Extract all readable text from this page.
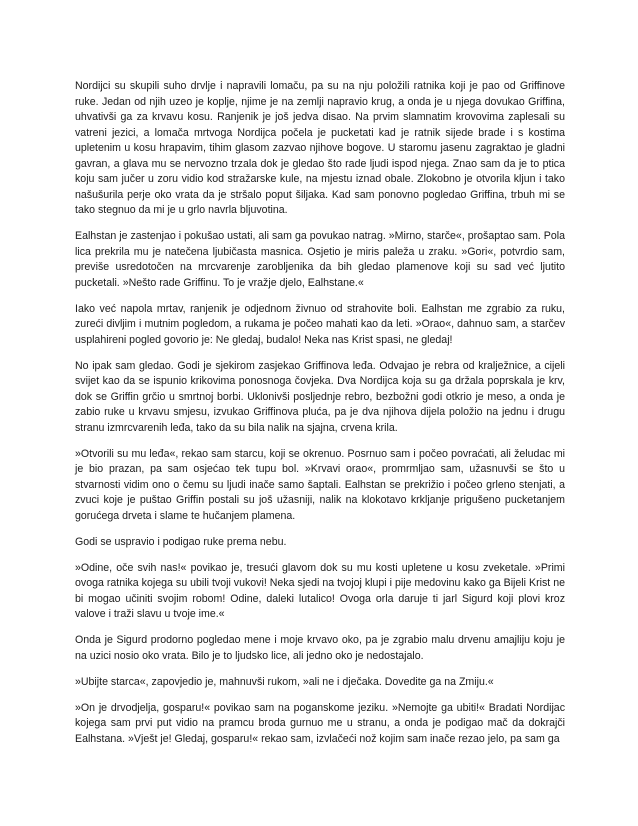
Nordijci su skupili suho drvlje i napravili lomaču, pa su na nju položili ratnika koji je pao od Griffinove ruke. Jedan od njih uzeo je koplje, njime je na zemlji napravio krug, a onda je u njega dovukao Griffina, uhvativši ga za krvavu kosu. Ranjenik je još jedva disao. Na prvim slamnatim krovovima zaplesali su vatreni jezici, a lomača mrtvoga Nordijca počela je pucketati kad je ratnik sijede brade i s kostima upletenim u kosu hrapavim, tihim glasom zazvao njihove bogove. U staromu jasenu zagraktao je gladni gavran, a glava mu se nervozno trzala dok je gledao što rade ljudi ispod njega. Znao sam da je to ptica koju sam jučer u zoru vidio kod stražarske kule, na mjestu iznad obale. Zlokobno je otvorila kljun i tako našušurila perje oko vrata da je stršalo poput šiljaka. Kad sam ponovno pogledao Griffina, trbuh mi se tako stegnuo da mi je u grlo navrla bljuvotina.

Ealhstan je zastenjao i pokušao ustati, ali sam ga povukao natrag. »Mirno, starče«, prošaptao sam. Pola lica prekrila mu je natečena ljubičasta masnica. Osjetio je miris paleža u zraku. »Gori«, potvrdio sam, previše usredotočen na mrcvarenje zarobljenika da bih gledao plamenove koji su sad već ljutito pucketali. »Nešto rade Griffinu. To je vražje djelo, Ealhstane.«

Iako već napola mrtav, ranjenik je odjednom živnuo od strahovite boli. Ealhstan me zgrabio za ruku, zureći divljim i mutnim pogledom, a rukama je počeo mahati kao da leti. »Orao«, dahnuo sam, a starčev usplahireni pogled govorio je: Ne gledaj, budalo! Neka nas Krist spasi, ne gledaj!

No ipak sam gledao. Godi je sjekirom zasjekao Griffinova leđa. Odvajao je rebra od kralježnice, a cijeli svijet kao da se ispunio krikovima ponosnoga čovjeka. Dva Nordijca koja su ga držala poprskala je krv, dok se Griffin grčio u smrtnoj borbi. Uklonivši posljednje rebro, bezbožni godi otkrio je meso, a onda je zabio ruke u krvavu smjesu, izvukao Griffinova pluća, pa je dva njihova dijela položio na jednu i drugu stranu izmrcvarenih leđa, tako da su bila nalik na sjajna, crvena krila.

»Otvorili su mu leđa«, rekao sam starcu, koji se okrenuo. Posrnuo sam i počeo povraćati, ali želudac mi je bio prazan, pa sam osjećao tek tupu bol. »Krvavi orao«, promrmljao sam, užasnuvši se što u stvarnosti vidim ono o čemu su ljudi inače samo šaptali. Ealhstan se prekrižio i počeo grleno stenjati, a zvuci koje je puštao Griffin postali su još užasniji, nalik na klokotavo krkljanje prigušeno pucketanjem gorućega drveta i slame te hučanjem plamena.

Godi se uspravio i podigao ruke prema nebu.

»Odine, oče svih nas!« povikao je, tresući glavom dok su mu kosti upletene u kosu zveketale. »Primi ovoga ratnika kojega su ubili tvoji vukovi! Neka sjedi na tvojoj klupi i pije medovinu kako ga Bijeli Krist ne bi mogao učiniti svojim robom! Odine, daleki lutalico! Ovoga orla daruje ti jarl Sigurd koji plovi kroz valove i traži slavu u tvoje ime.«

Onda je Sigurd prodorno pogledao mene i moje krvavo oko, pa je zgrabio malu drvenu amajliju koju je na uzici nosio oko vrata. Bilo je to ljudsko lice, ali jedno oko je nedostajalo.

»Ubijte starca«, zapovjedio je, mahnuvši rukom, »ali ne i dječaka. Dovedite ga na Zmiju.«

»On je drvodjelja, gosparu!« povikao sam na poganskome jeziku. »Nemojte ga ubiti!« Bradati Nordijac kojega sam prvi put vidio na pramcu broda gurnuo me u stranu, a onda je podigao mač da dokrajči Ealhstana. »Vješt je! Gledaj, gosparu!« rekao sam, izvlačeći nož kojim sam inače rezao jelo, pa sam ga
